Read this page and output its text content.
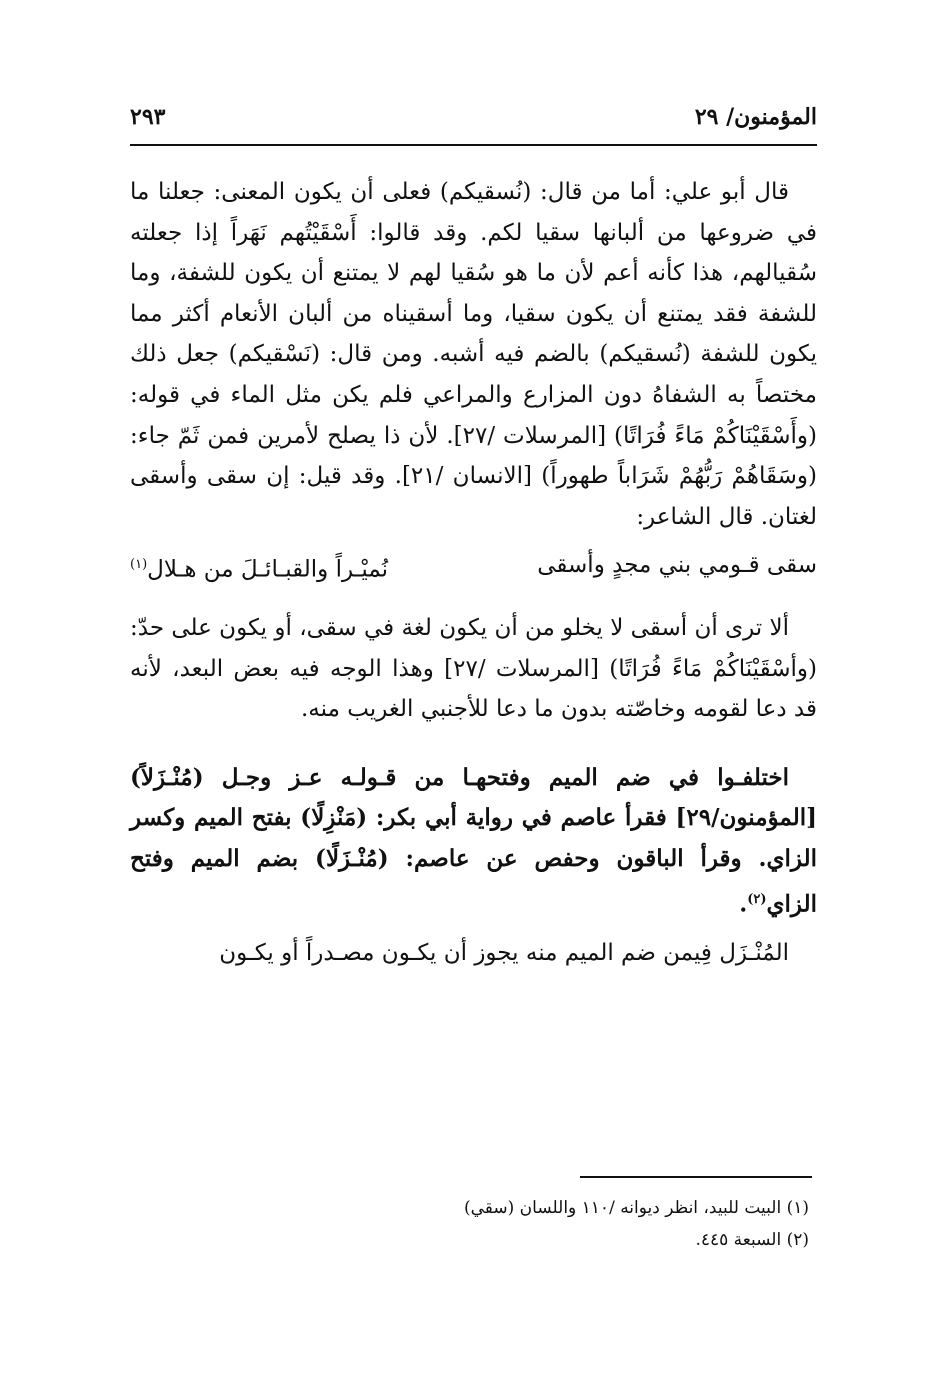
المؤمنون/ ٢٩
٢٩٣

قال أبو علي: أما من قال: (نُسقيكم) فعلى أن يكون المعنى: جعلنا ما في ضروعها من ألبانها سقيا لكم. وقد قالوا: أَسْقَيْتُهم نَهَراً إذا جعلته سُقيالهم، هذا كأنه أعم لأن ما هو سُقيا لهم لا يمتنع أن يكون للشفة، وما للشفة فقد يمتنع أن يكون سقيا، وما أسقيناه من ألبان الأنعام أكثر مما يكون للشفة (نُسقيكم) بالضم فيه أشبه. ومن قال: (نَسْقيكم) جعل ذلك مختصاً به الشفاهُ دون المزارع والمراعي فلم يكن مثل الماء في قوله: (وأَسْقَيْنَاكُمْ مَاءً فُرَاتًا) [المرسلات /٢٧]. لأن ذا يصلح لأمرين فمن ثَمّ جاء: (وسَقَاهُمْ رَبُّهُمْ شَرَاباً طهوراً) [الانسان /٢١]. وقد قيل: إن سقى وأسقى لغتان. قال الشاعر:

سقى قـومي بني مجدٍ وأسقى
نُميْـراً والقبـائـلَ من هـلال$^{(١)}$

ألا ترى أن أسقى لا يخلو من أن يكون لغة في سقى، أو يكون على حدّ: (وأسْقَيْنَاكُمْ مَاءً فُرَاتًا) [المرسلات /٢٧] وهذا الوجه فيه بعض البعد، لأنه قد دعا لقومه وخاصّته بدون ما دعا للأجنبي الغريب منه.

اختلفـوا في ضم الميم وفتحهـا من قـولـه عـز وجـل (مُنْـزَلاً) [المؤمنون/٢٩] فقرأ عاصم في رواية أبي بكر: (مَنْزِلًا) بفتح الميم وكسر الزاي. وقرأ الباقون وحفص عن عاصم: (مُنْـزَلًا) بضم الميم وفتح الزاي$^{(٢)}$.

المُنْـزَل فِيمن ضم الميم منه يجوز أن يكـون مصـدراً أو يكـون

(١) البيت للبيد، انظر ديوانه /١١٠ واللسان (سقي)
(٢) السبعة ٤٤٥.
